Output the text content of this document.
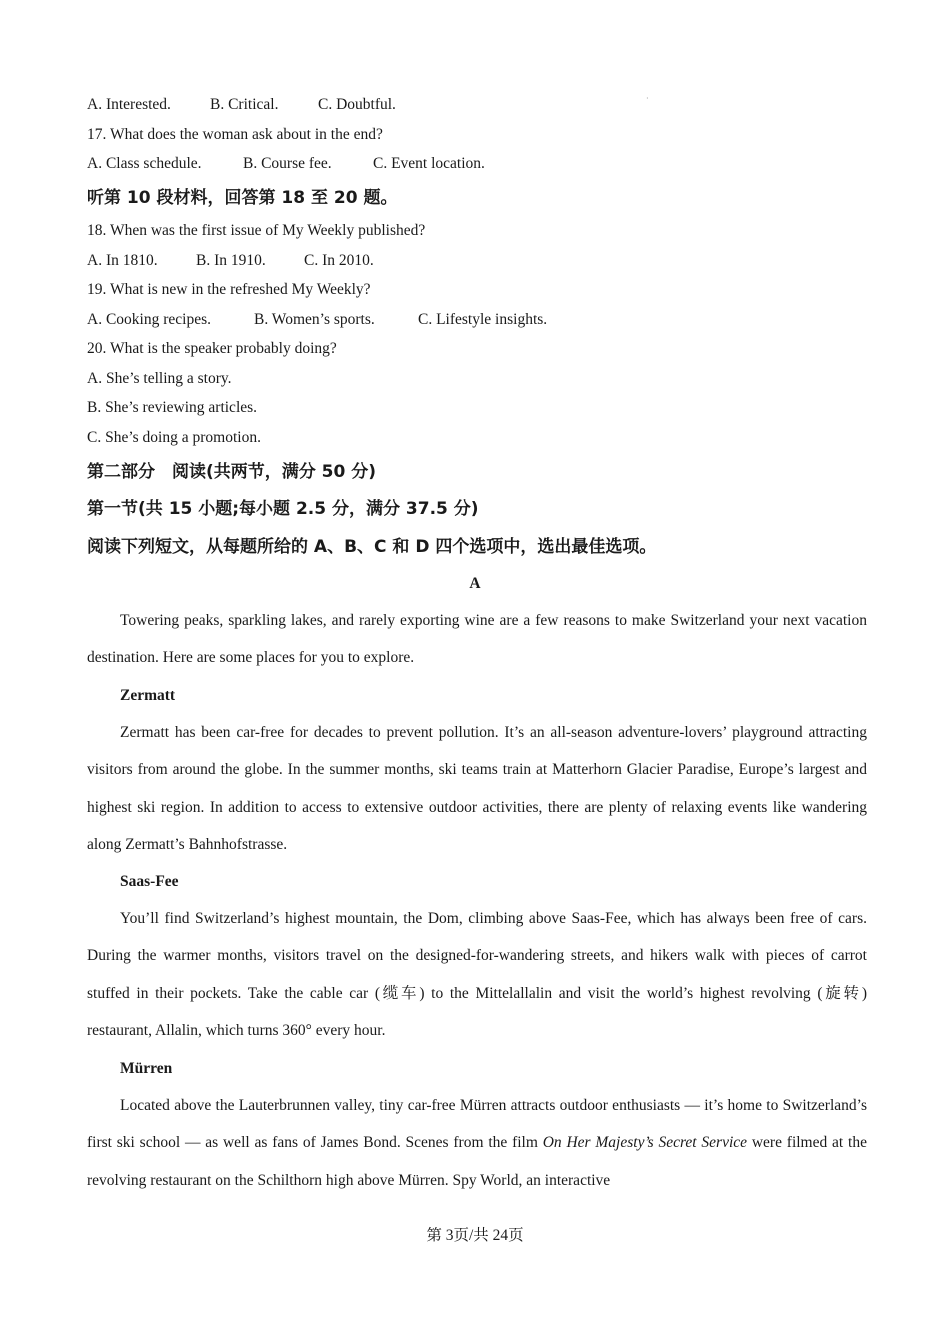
·
A. Interested.	B. Critical.	C. Doubtful.
17. What does the woman ask about in the end?
A. Class schedule.	B. Course fee.	C. Event location.
听第 10 段材料，回答第 18 至 20 题。
18. When was the first issue of My Weekly published?
A. In 1810. B. In 1910. C. In 2010.
19. What is new in the refreshed My Weekly?
A. Cooking recipes.	B. Women’s sports.	C. Lifestyle insights.
20. What is the speaker probably doing?
A. She’s telling a story.
B. She’s reviewing articles.
C. She’s doing a promotion.
第二部分　阅读(共两节，满分 50 分)
第一节(共 15 小题;每小题 2.5 分，满分 37.5 分)
阅读下列短文，从每题所给的 A、B、C 和 D 四个选项中，选出最佳选项。
A
Towering peaks, sparkling lakes, and rarely exporting wine are a few reasons to make Switzerland your next vacation destination. Here are some places for you to explore.
Zermatt
Zermatt has been car-free for decades to prevent pollution. It’s an all-season adventure-lovers’ playground attracting visitors from around the globe. In the summer months, ski teams train at Matterhorn Glacier Paradise, Europe’s largest and highest ski region. In addition to access to extensive outdoor activities, there are plenty of relaxing events like wandering along Zermatt’s Bahnhofstrasse.
Saas-Fee
You’ll find Switzerland’s highest mountain, the Dom, climbing above Saas-Fee, which has always been free of cars. During the warmer months, visitors travel on the designed-for-wandering streets, and hikers walk with pieces of carrot stuffed in their pockets. Take the cable car (缆车) to the Mittelallalin and visit the world’s highest revolving (旋转) restaurant, Allalin, which turns 360° every hour.
Mürren
Located above the Lauterbrunnen valley, tiny car-free Mürren attracts outdoor enthusiasts — it’s home to Switzerland’s first ski school — as well as fans of James Bond. Scenes from the film On Her Majesty’s Secret Service were filmed at the revolving restaurant on the Schilthorn high above Mürren. Spy World, an interactive
第 3页/共 24页
